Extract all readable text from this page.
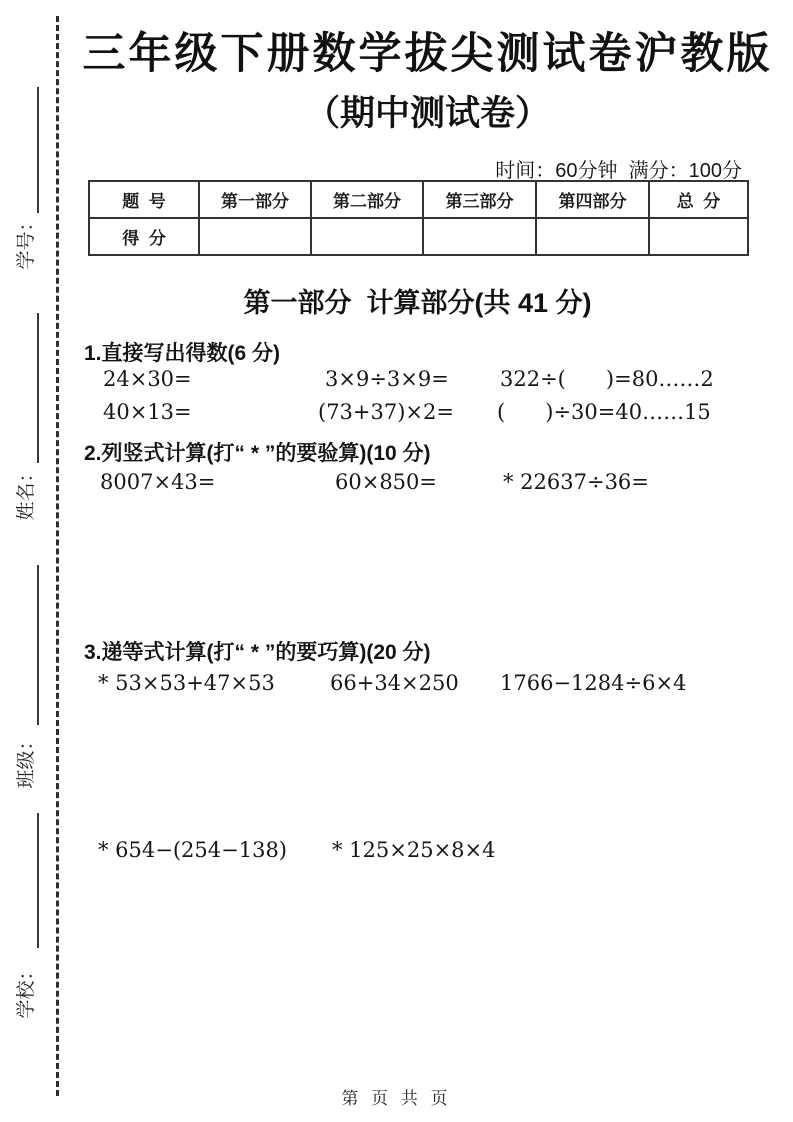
学号：
姓名：
班级：
学校：
三年级下册数学拔尖测试卷沪教版
（期中测试卷）
时间：60分钟  满分：100分
题  号	第一部分	第二部分	第三部分	第四部分	总  分
得  分					
第一部分  计算部分(共 41 分)
1.直接写出得数(6 分)
24×30=	3×9÷3×9= 322÷(      )=80……2
40×13=	(73+37)×2= (      )÷30=40……15
2.列竖式计算(打“ * ”的要验算)(10 分)
8007×43=	60×850=	* 22637÷36=
3.递等式计算(打“ * ”的要巧算)(20 分)
* 53×53+47×53	66+34×250 1766−1284÷6×4
* 654−(254−138) * 125×25×8×4
第 页 共 页
